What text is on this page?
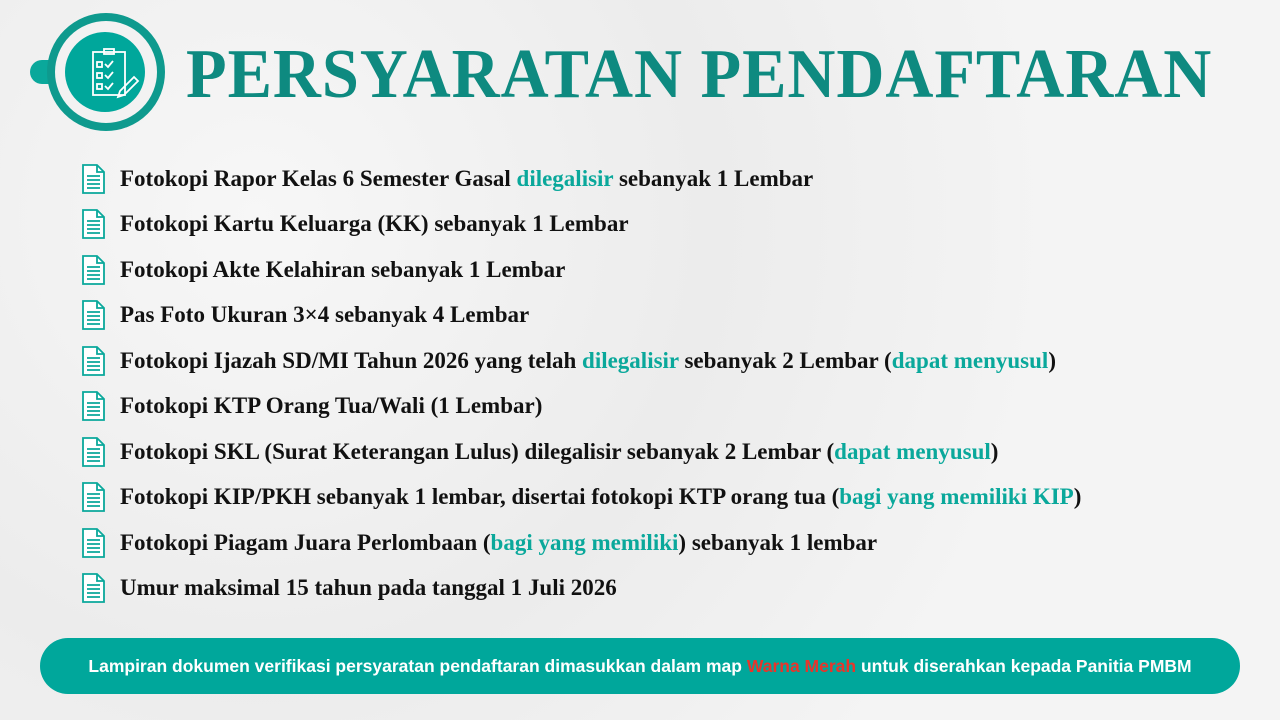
PERSYARATAN PENDAFTARAN
Fotokopi Rapor Kelas 6 Semester Gasal dilegalisir sebanyak 1 Lembar
Fotokopi Kartu Keluarga (KK) sebanyak 1 Lembar
Fotokopi Akte Kelahiran sebanyak 1 Lembar
Pas Foto Ukuran 3×4 sebanyak 4 Lembar
Fotokopi Ijazah SD/MI Tahun 2026 yang telah dilegalisir sebanyak 2 Lembar (dapat menyusul)
Fotokopi KTP Orang Tua/Wali (1 Lembar)
Fotokopi SKL (Surat Keterangan Lulus) dilegalisir sebanyak 2 Lembar (dapat menyusul)
Fotokopi KIP/PKH sebanyak 1 lembar, disertai fotokopi KTP orang tua (bagi yang memiliki KIP)
Fotokopi Piagam Juara Perlombaan (bagi yang memiliki) sebanyak 1 lembar
Umur maksimal 15 tahun pada tanggal 1 Juli 2026
Lampiran dokumen verifikasi persyaratan pendaftaran dimasukkan dalam map
Warna Merah
untuk diserahkan kepada Panitia PMBM
